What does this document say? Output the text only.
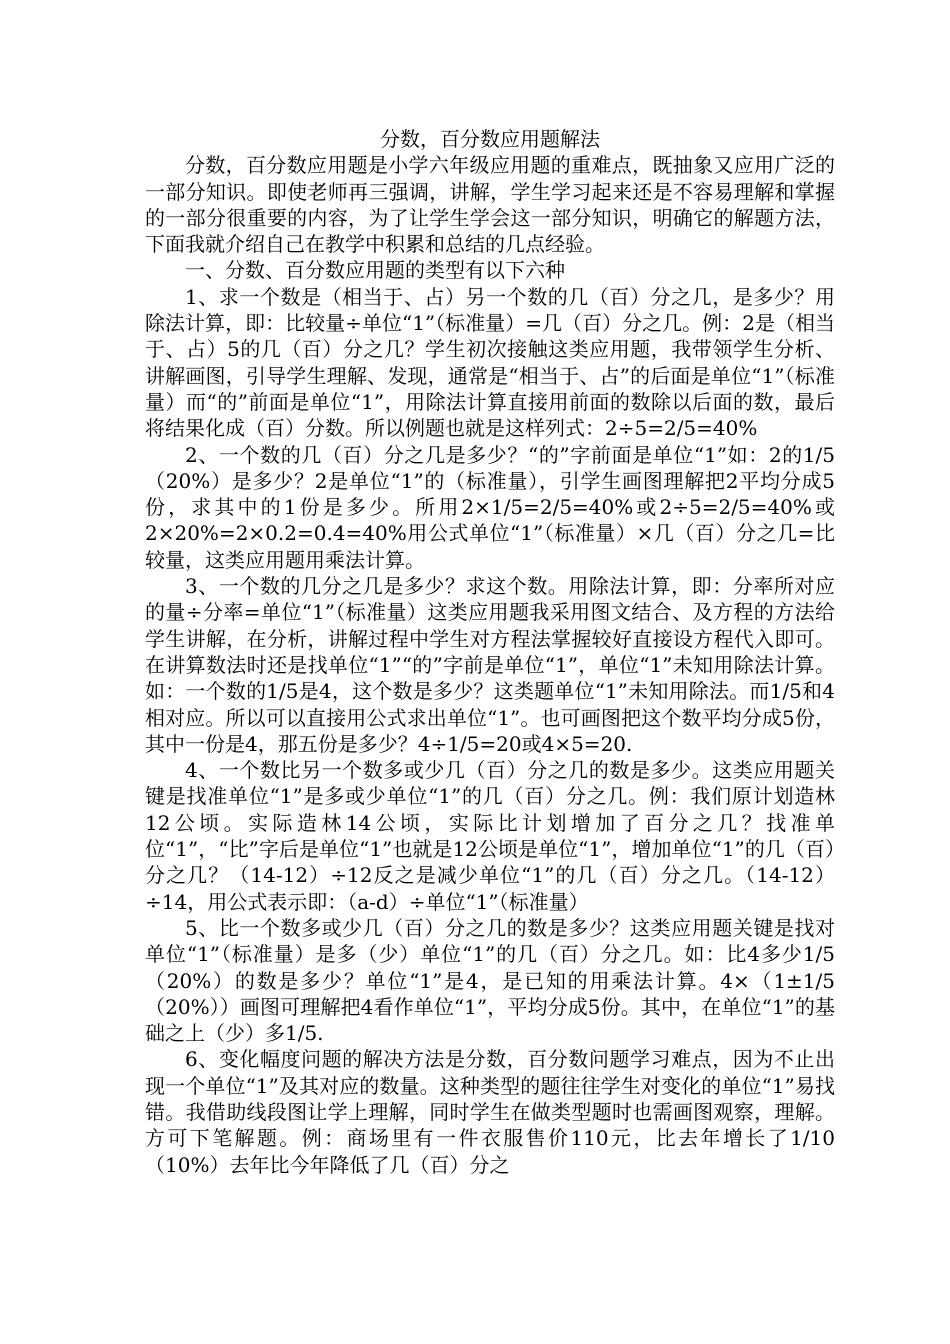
分数，百分数应用题解法

分数，百分数应用题是小学六年级应用题的重难点，既抽象又应用广泛的一部分知识。即使老师再三强调，讲解，学生学习起来还是不容易理解和掌握的一部分很重要的内容，为了让学生学会这一部分知识，明确它的解题方法，下面我就介绍自己在教学中积累和总结的几点经验。

一、分数、百分数应用题的类型有以下六种

1、求一个数是（相当于、占）另一个数的几（百）分之几，是多少？用除法计算，即：比较量÷单位“1”（标准量）=几（百）分之几。例：2是（相当于、占）5的几（百）分之几？学生初次接触这类应用题，我带领学生分析、讲解画图，引导学生理解、发现，通常是“相当于、占”的后面是单位“1”（标准量）而“的”前面是单位“1”，用除法计算直接用前面的数除以后面的数，最后将结果化成（百）分数。所以例题也就是这样列式：2÷5=2/5=40%

2、一个数的几（百）分之几是多少？“的”字前面是单位“1”如：2的1/5（20%）是多少？2是单位“1”的（标准量），引学生画图理解把2平均分成5份，求其中的1份是多少。所用2×1/5=2/5=40%或2÷5=2/5=40%或2×20%=2×0.2=0.4=40%用公式单位“1”（标准量）×几（百）分之几=比较量，这类应用题用乘法计算。

3、一个数的几分之几是多少？求这个数。用除法计算，即：分率所对应的量÷分率=单位“1”（标准量）这类应用题我采用图文结合、及方程的方法给学生讲解，在分析，讲解过程中学生对方程法掌握较好直接设方程代入即可。在讲算数法时还是找单位“1”“的”字前是单位“1”，单位“1”未知用除法计算。如：一个数的1/5是4，这个数是多少？这类题单位“1”未知用除法。而1/5和4相对应。所以可以直接用公式求出单位“1”。也可画图把这个数平均分成5份，其中一份是4，那五份是多少？4÷1/5=20或4×5=20.

4、一个数比另一个数多或少几（百）分之几的数是多少。这类应用题关键是找准单位“1”是多或少单位“1”的几（百）分之几。例：我们原计划造林12公顷。实际造林14公顷，实际比计划增加了百分之几？找准单位“1”，“比”字后是单位“1”也就是12公顷是单位“1”，增加单位“1”的几（百）分之几？（14-12）÷12反之是减少单位“1”的几（百）分之几。（14-12）÷14，用公式表示即：（a-d）÷单位“1”（标准量）

5、比一个数多或少几（百）分之几的数是多少？这类应用题关键是找对单位“1”（标准量）是多（少）单位“1”的几（百）分之几。如：比4多少1/5（20%）的数是多少？单位“1”是4，是已知的用乘法计算。4×（1±1/5（20%））画图可理解把4看作单位“1”，平均分成5份。其中，在单位“1”的基础之上（少）多1/5.

6、变化幅度问题的解决方法是分数，百分数问题学习难点，因为不止出现一个单位“1”及其对应的数量。这种类型的题往往学生对变化的单位“1”易找错。我借助线段图让学上理解，同时学生在做类型题时也需画图观察，理解。方可下笔解题。例：商场里有一件衣服售价110元，比去年增长了1/10（10%）去年比今年降低了几（百）分之
